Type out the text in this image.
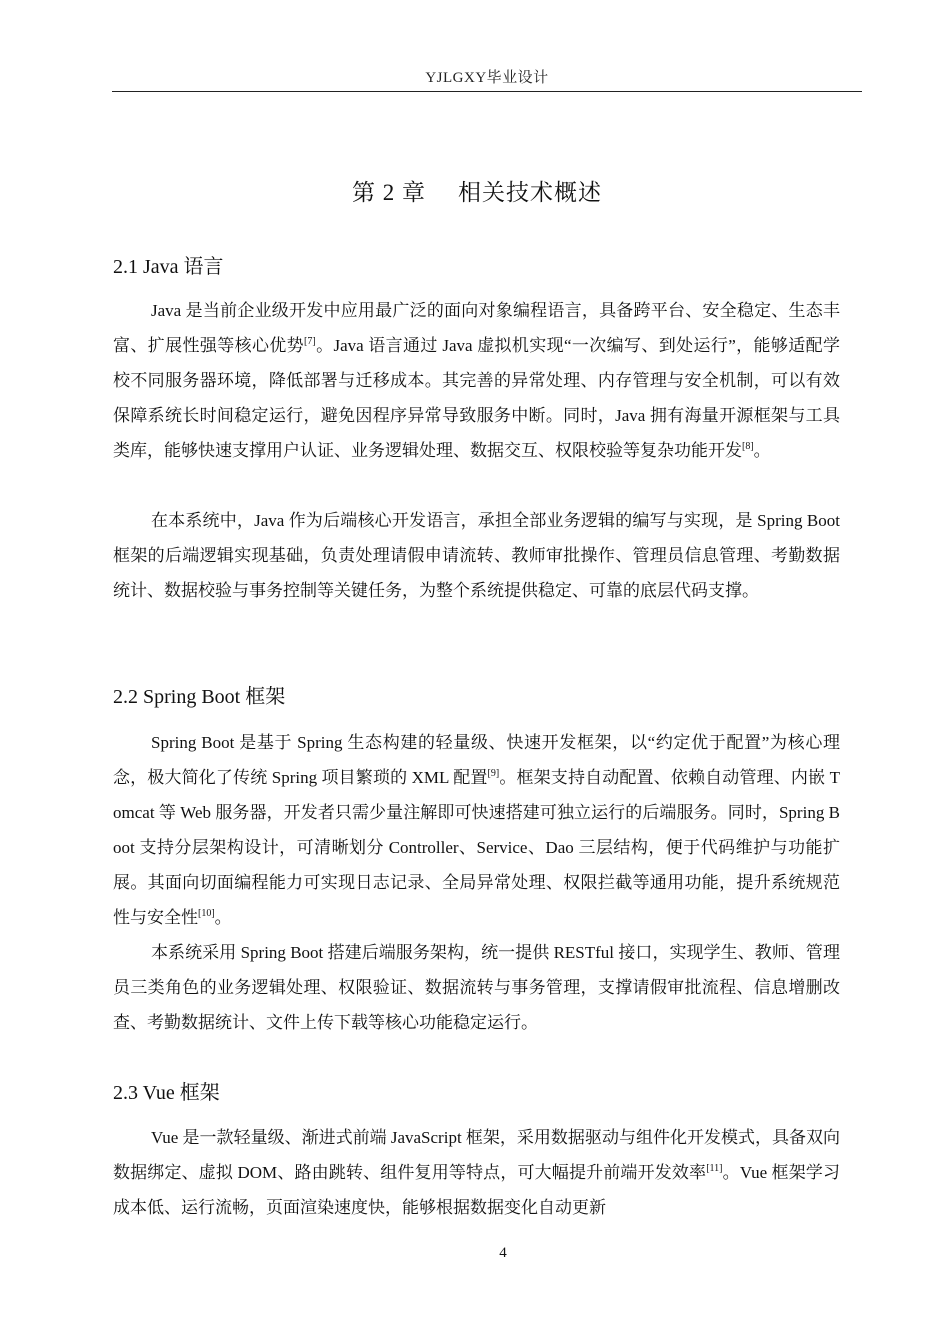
YJLGXY毕业设计
第 2 章 相关技术概述
2.1 Java 语言

Java 是当前企业级开发中应用最广泛的面向对象编程语言，具备跨平台、安全稳定、生态丰富、扩展性强等核心优势[7]。Java 语言通过 Java 虚拟机实现“一次编写、到处运行”，能够适配学校不同服务器环境，降低部署与迁移成本。其完善的异常处理、内存管理与安全机制，可以有效保障系统长时间稳定运行，避免因程序异常导致服务中断。同时，Java 拥有海量开源框架与工具类库，能够快速支撑用户认证、业务逻辑处理、数据交互、权限校验等复杂功能开发[8]。

在本系统中，Java 作为后端核心开发语言，承担全部业务逻辑的编写与实现，是 Spring Boot 框架的后端逻辑实现基础，负责处理请假申请流转、教师审批操作、管理员信息管理、考勤数据统计、数据校验与事务控制等关键任务，为整个系统提供稳定、可靠的底层代码支撑。

2.2 Spring Boot 框架

Spring Boot 是基于 Spring 生态构建的轻量级、快速开发框架，以“约定优于配置”为核心理念，极大简化了传统 Spring 项目繁琐的 XML 配置[9]。框架支持自动配置、依赖自动管理、内嵌 Tomcat 等 Web 服务器，开发者只需少量注解即可快速搭建可独立运行的后端服务。同时，Spring Boot 支持分层架构设计，可清晰划分 Controller、Service、Dao 三层结构，便于代码维护与功能扩展。其面向切面编程能力可实现日志记录、全局异常处理、权限拦截等通用功能，提升系统规范性与安全性[10]。

本系统采用 Spring Boot 搭建后端服务架构，统一提供 RESTful 接口，实现学生、教师、管理员三类角色的业务逻辑处理、权限验证、数据流转与事务管理，支撑请假审批流程、信息增删改查、考勤数据统计、文件上传下载等核心功能稳定运行。

2.3 Vue 框架

Vue 是一款轻量级、渐进式前端 JavaScript 框架，采用数据驱动与组件化开发模式，具备双向数据绑定、虚拟 DOM、路由跳转、组件复用等特点，可大幅提升前端开发效率[11]。Vue 框架学习成本低、运行流畅，页面渲染速度快，能够根据数据变化自动更新

4
